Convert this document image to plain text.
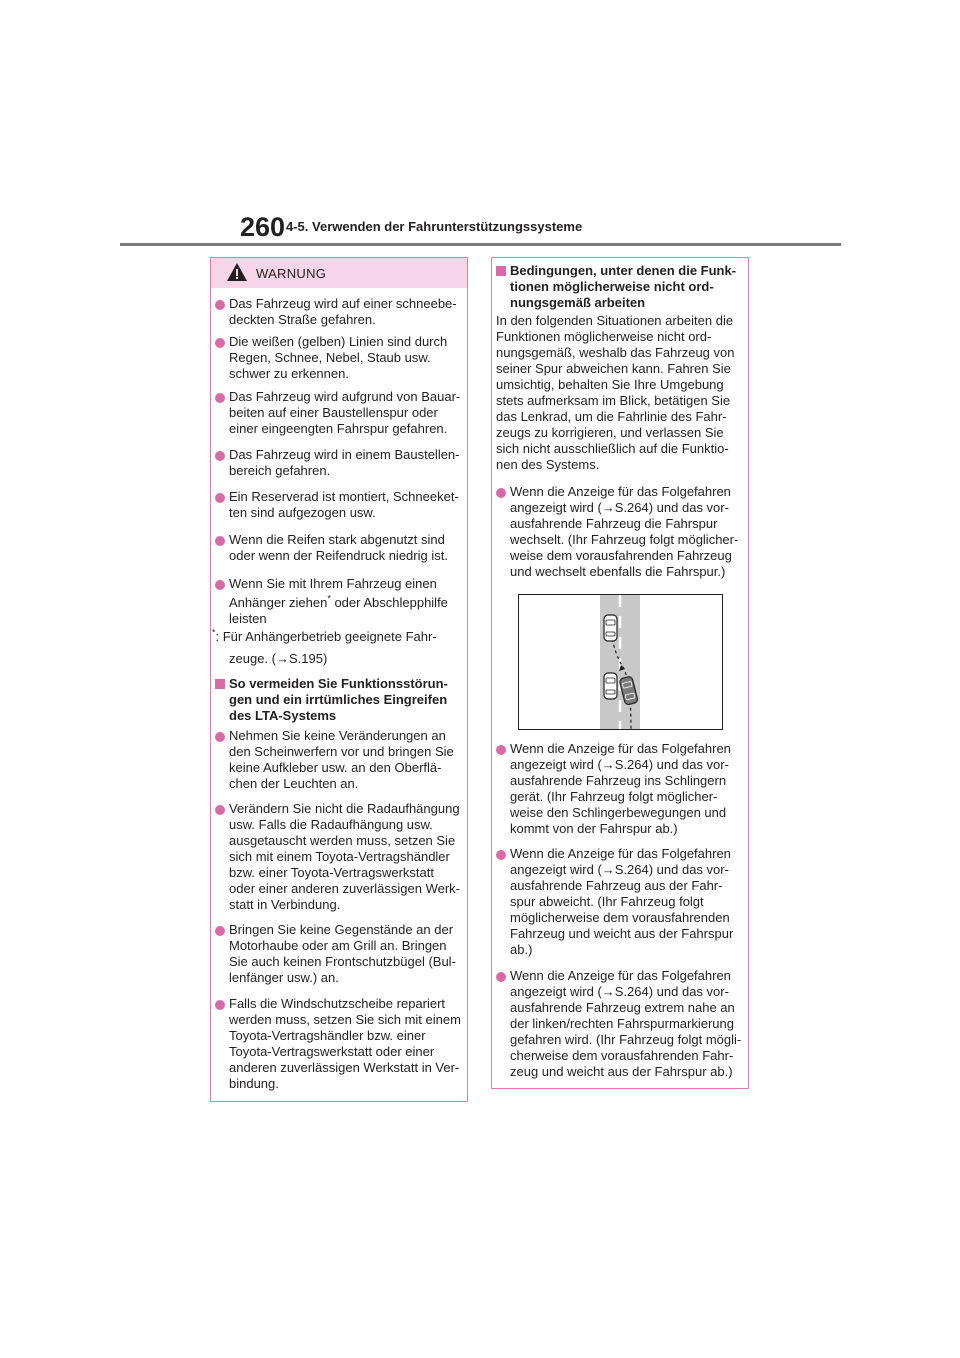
260 4-5. Verwenden der Fahrunterstützungssysteme
WARNUNG
Das Fahrzeug wird auf einer schneebe-
deckten Straße gefahren.
Die weißen (gelben) Linien sind durch
Regen, Schnee, Nebel, Staub usw.
schwer zu erkennen.
Das Fahrzeug wird aufgrund von Bauar-
beiten auf einer Baustellenspur oder
einer eingeengten Fahrspur gefahren.
Das Fahrzeug wird in einem Baustellen-
bereich gefahren.
Ein Reserverad ist montiert, Schneeket-
ten sind aufgezogen usw.
Wenn die Reifen stark abgenutzt sind
oder wenn der Reifendruck niedrig ist.
Wenn Sie mit Ihrem Fahrzeug einen
Anhänger ziehen* oder Abschlepphilfe
leisten
*: Für Anhängerbetrieb geeignete Fahr-
zeuge. (→S.195)
So vermeiden Sie Funktionsstörun-
gen und ein irrtümliches Eingreifen
des LTA-Systems
Nehmen Sie keine Veränderungen an
den Scheinwerfern vor und bringen Sie
keine Aufkleber usw. an den Oberflä-
chen der Leuchten an.
Verändern Sie nicht die Radaufhängung
usw. Falls die Radaufhängung usw.
ausgetauscht werden muss, setzen Sie
sich mit einem Toyota-Vertragshändler
bzw. einer Toyota-Vertragswerkstatt
oder einer anderen zuverlässigen Werk-
statt in Verbindung.
Bringen Sie keine Gegenstände an der
Motorhaube oder am Grill an. Bringen
Sie auch keinen Frontschutzbügel (Bul-
lenfänger usw.) an.
Falls die Windschutzscheibe repariert
werden muss, setzen Sie sich mit einem
Toyota-Vertragshändler bzw. einer
Toyota-Vertragswerkstatt oder einer
anderen zuverlässigen Werkstatt in Ver-
bindung.
Bedingungen, unter denen die Funk-
tionen möglicherweise nicht ord-
nungsgemäß arbeiten
In den folgenden Situationen arbeiten die
Funktionen möglicherweise nicht ord-
nungsgemäß, weshalb das Fahrzeug von
seiner Spur abweichen kann. Fahren Sie
umsichtig, behalten Sie Ihre Umgebung
stets aufmerksam im Blick, betätigen Sie
das Lenkrad, um die Fahrlinie des Fahr-
zeugs zu korrigieren, und verlassen Sie
sich nicht ausschließlich auf die Funktio-
nen des Systems.
Wenn die Anzeige für das Folgefahren
angezeigt wird (→S.264) und das vor-
ausfahrende Fahrzeug die Fahrspur
wechselt. (Ihr Fahrzeug folgt möglicher-
weise dem vorausfahrenden Fahrzeug
und wechselt ebenfalls die Fahrspur.)
Wenn die Anzeige für das Folgefahren
angezeigt wird (→S.264) und das vor-
ausfahrende Fahrzeug ins Schlingern
gerät. (Ihr Fahrzeug folgt möglicher-
weise den Schlingerbewegungen und
kommt von der Fahrspur ab.)
Wenn die Anzeige für das Folgefahren
angezeigt wird (→S.264) und das vor-
ausfahrende Fahrzeug aus der Fahr-
spur abweicht. (Ihr Fahrzeug folgt
möglicherweise dem vorausfahrenden
Fahrzeug und weicht aus der Fahrspur
ab.)
Wenn die Anzeige für das Folgefahren
angezeigt wird (→S.264) und das vor-
ausfahrende Fahrzeug extrem nahe an
der linken/rechten Fahrspurmarkierung
gefahren wird. (Ihr Fahrzeug folgt mögli-
cherweise dem vorausfahrenden Fahr-
zeug und weicht aus der Fahrspur ab.)
